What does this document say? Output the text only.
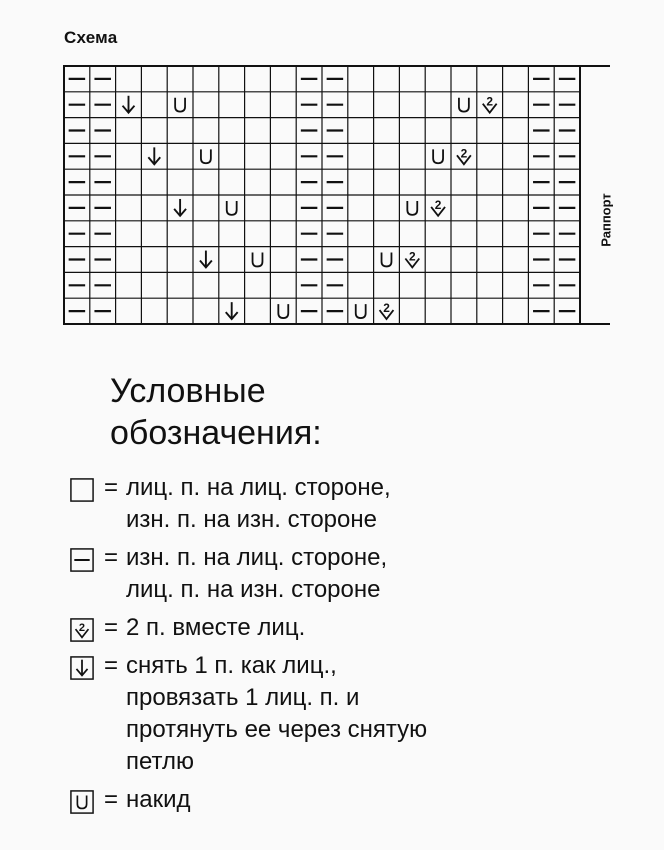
Схема
2
2
2
2
2
Раппорт
Условные
обозначения:
= лиц. п. на лиц. стороне,
изн. п. на изн. стороне
= изн. п. на лиц. стороне,
лиц. п. на изн. стороне
2 = 2 п. вместе лиц.
= снять 1 п. как лиц.,
провязать 1 лиц. п. и
протянуть ее через снятую
петлю
= накид
